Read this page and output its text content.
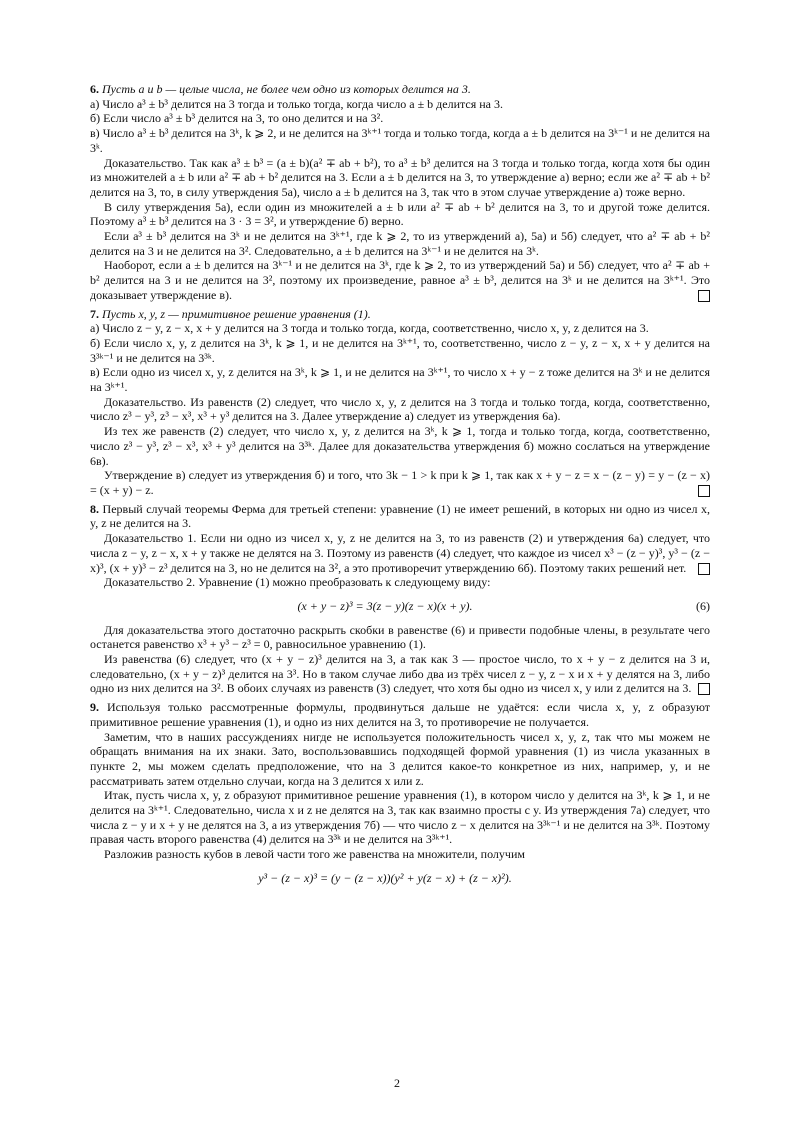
6. Пусть a и b — целые числа, не более чем одно из которых делится на 3.

а) Число a³ ± b³ делится на 3 тогда и только тогда, когда число a ± b делится на 3.

б) Если число a³ ± b³ делится на 3, то оно делится и на 3².

в) Число a³ ± b³ делится на 3ᵏ, k ⩾ 2, и не делится на 3ᵏ⁺¹ тогда и только тогда, когда a ± b делится на 3ᵏ⁻¹ и не делится на 3ᵏ.

Доказательство. Так как a³ ± b³ = (a ± b)(a² ∓ ab + b²), то a³ ± b³ делится на 3 тогда и только тогда, когда хотя бы один из множителей a ± b или a² ∓ ab + b² делится на 3. Если a ± b делится на 3, то утверждение а) верно; если же a² ∓ ab + b² делится на 3, то, в силу утверждения 5а), число a ± b делится на 3, так что в этом случае утверждение а) тоже верно.

В силу утверждения 5а), если один из множителей a ± b или a² ∓ ab + b² делится на 3, то и другой тоже делится. Поэтому a³ ± b³ делится на 3 · 3 = 3², и утверждение б) верно.

Если a³ ± b³ делится на 3ᵏ и не делится на 3ᵏ⁺¹, где k ⩾ 2, то из утверждений а), 5а) и 5б) следует, что a² ∓ ab + b² делится на 3 и не делится на 3². Следовательно, a ± b делится на 3ᵏ⁻¹ и не делится на 3ᵏ.

Наоборот, если a ± b делится на 3ᵏ⁻¹ и не делится на 3ᵏ, где k ⩾ 2, то из утверждений 5а) и 5б) следует, что a² ∓ ab + b² делится на 3 и не делится на 3², поэтому их произведение, равное a³ ± b³, делится на 3ᵏ и не делится на 3ᵏ⁺¹. Это доказывает утверждение в).

7. Пусть x, y, z — примитивное решение уравнения (1).

а) Число z − y, z − x, x + y делится на 3 тогда и только тогда, когда, соответственно, число x, y, z делится на 3.

б) Если число x, y, z делится на 3ᵏ, k ⩾ 1, и не делится на 3ᵏ⁺¹, то, соответственно, число z − y, z − x, x + y делится на 3³ᵏ⁻¹ и не делится на 3³ᵏ.

в) Если одно из чисел x, y, z делится на 3ᵏ, k ⩾ 1, и не делится на 3ᵏ⁺¹, то число x + y − z тоже делится на 3ᵏ и не делится на 3ᵏ⁺¹.

Доказательство. Из равенств (2) следует, что число x, y, z делится на 3 тогда и только тогда, когда, соответственно, число z³ − y³, z³ − x³, x³ + y³ делится на 3. Далее утверждение а) следует из утверждения 6а).

Из тех же равенств (2) следует, что число x, y, z делится на 3ᵏ, k ⩾ 1, тогда и только тогда, когда, соответственно, число z³ − y³, z³ − x³, x³ + y³ делится на 3³ᵏ. Далее для доказательства утверждения б) можно сослаться на утверждение 6в).

Утверждение в) следует из утверждения б) и того, что 3k − 1 > k при k ⩾ 1, так как x + y − z = x − (z − y) = y − (z − x) = (x + y) − z.

8. Первый случай теоремы Ферма для третьей степени: уравнение (1) не имеет решений, в которых ни одно из чисел x, y, z не делится на 3.

Доказательство 1. Если ни одно из чисел x, y, z не делится на 3, то из равенств (2) и утверждения 6а) следует, что числа z − y, z − x, x + y также не делятся на 3. Поэтому из равенств (4) следует, что каждое из чисел x³ − (z − y)³, y³ − (z − x)³, (x + y)³ − z³ делится на 3, но не делится на 3², а это противоречит утверждению 6б). Поэтому таких решений нет.

Доказательство 2. Уравнение (1) можно преобразовать к следующему виду:

(x + y − z)³ = 3(z − y)(z − x)(x + y).	(6)

Для доказательства этого достаточно раскрыть скобки в равенстве (6) и привести подобные члены, в результате чего останется равенство x³ + y³ − z³ = 0, равносильное уравнению (1).

Из равенства (6) следует, что (x + y − z)³ делится на 3, а так как 3 — простое число, то x + y − z делится на 3 и, следовательно, (x + y − z)³ делится на 3³. Но в таком случае либо два из трёх чисел z − y, z − x и x + y делятся на 3, либо одно из них делится на 3². В обоих случаях из равенств (3) следует, что хотя бы одно из чисел x, y или z делится на 3.

9. Используя только рассмотренные формулы, продвинуться дальше не удаётся: если числа x, y, z образуют примитивное решение уравнения (1), и одно из них делится на 3, то противоречие не получается.

Заметим, что в наших рассуждениях нигде не используется положительность чисел x, y, z, так что мы можем не обращать внимания на их знаки. Зато, воспользовавшись подходящей формой уравнения (1) из числа указанных в пункте 2, мы можем сделать предположение, что на 3 делится какое-то конкретное из них, например, y, и не рассматривать затем отдельно случаи, когда на 3 делится x или z.

Итак, пусть числа x, y, z образуют примитивное решение уравнения (1), в котором число y делится на 3ᵏ, k ⩾ 1, и не делится на 3ᵏ⁺¹. Следовательно, числа x и z не делятся на 3, так как взаимно просты с y. Из утверждения 7а) следует, что числа z − y и x + y не делятся на 3, а из утверждения 7б) — что число z − x делится на 3³ᵏ⁻¹ и не делится на 3³ᵏ. Поэтому правая часть второго равенства (4) делится на 3³ᵏ и не делится на 3³ᵏ⁺¹.

Разложив разность кубов в левой части того же равенства на множители, получим

y³ − (z − x)³ = (y − (z − x))(y² + y(z − x) + (z − x)²).
2
